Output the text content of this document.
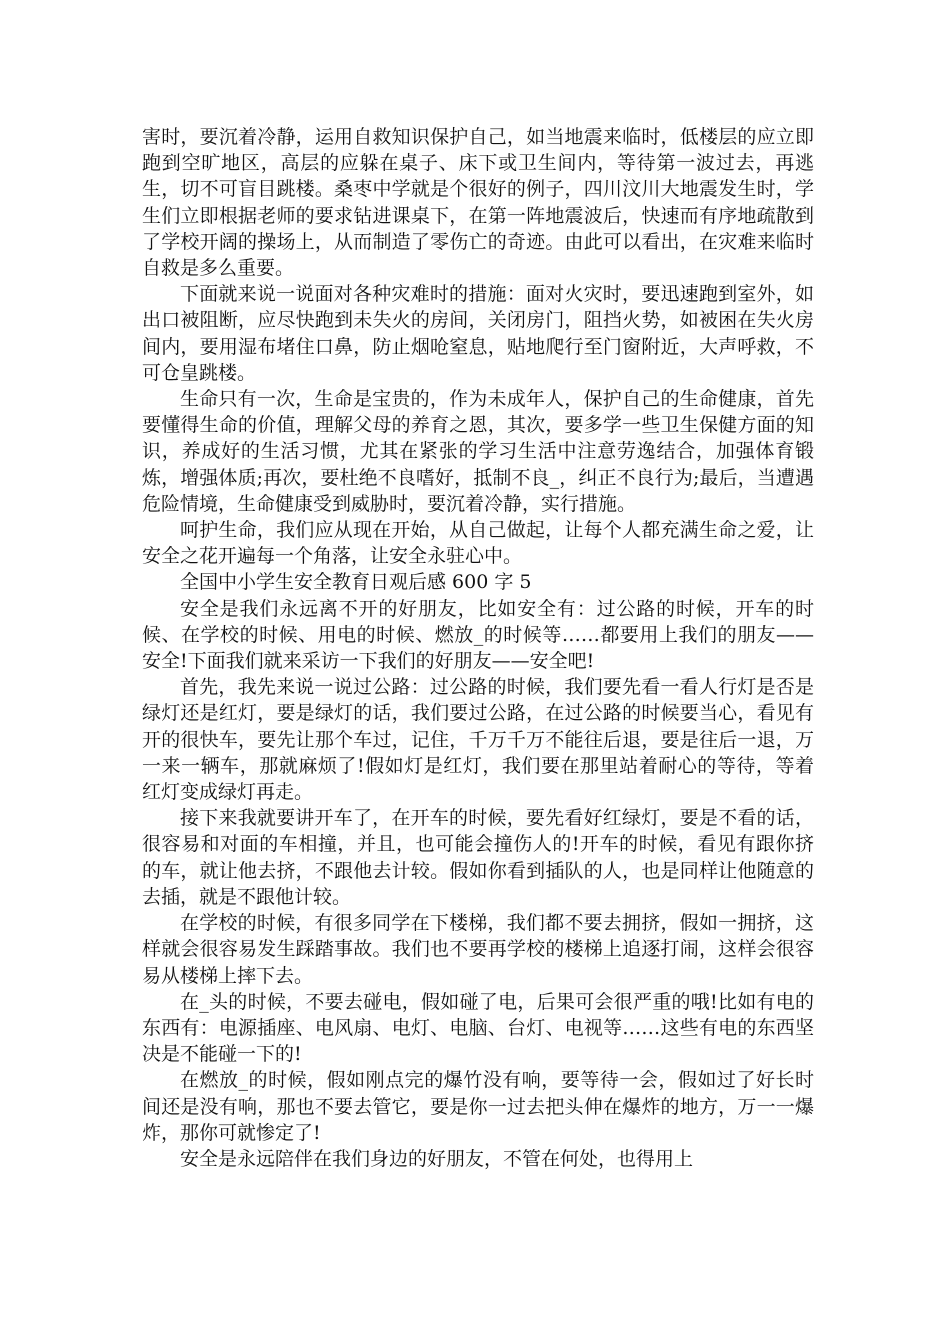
害时，要沉着冷静，运用自救知识保护自己，如当地震来临时，低楼层的应立即跑到空旷地区，高层的应躲在桌子、床下或卫生间内，等待第一波过去，再逃生，切不可盲目跳楼。桑枣中学就是个很好的例子，四川汶川大地震发生时，学生们立即根据老师的要求钻进课桌下，在第一阵地震波后，快速而有序地疏散到了学校开阔的操场上，从而制造了零伤亡的奇迹。由此可以看出，在灾难来临时自救是多么重要。

下面就来说一说面对各种灾难时的措施：面对火灾时，要迅速跑到室外，如出口被阻断，应尽快跑到未失火的房间，关闭房门，阻挡火势，如被困在失火房间内，要用湿布堵住口鼻，防止烟呛窒息，贴地爬行至门窗附近，大声呼救，不可仓皇跳楼。

生命只有一次，生命是宝贵的，作为未成年人，保护自己的生命健康，首先要懂得生命的价值，理解父母的养育之恩，其次，要多学一些卫生保健方面的知识，养成好的生活习惯，尤其在紧张的学习生活中注意劳逸结合，加强体育锻炼，增强体质;再次，要杜绝不良嗜好，抵制不良_，纠正不良行为;最后，当遭遇危险情境，生命健康受到威胁时，要沉着冷静，实行措施。

呵护生命，我们应从现在开始，从自己做起，让每个人都充满生命之爱，让安全之花开遍每一个角落，让安全永驻心中。

全国中小学生安全教育日观后感 600 字 5

安全是我们永远离不开的好朋友，比如安全有：过公路的时候，开车的时候、在学校的时候、用电的时候、燃放_的时候等……都要用上我们的朋友——安全!下面我们就来采访一下我们的好朋友——安全吧!

首先，我先来说一说过公路：过公路的时候，我们要先看一看人行灯是否是绿灯还是红灯，要是绿灯的话，我们要过公路，在过公路的时候要当心，看见有开的很快车，要先让那个车过，记住，千万千万不能往后退，要是往后一退，万一来一辆车，那就麻烦了!假如灯是红灯，我们要在那里站着耐心的等待，等着红灯变成绿灯再走。

接下来我就要讲开车了，在开车的时候，要先看好红绿灯，要是不看的话，很容易和对面的车相撞，并且，也可能会撞伤人的!开车的时候，看见有跟你挤的车，就让他去挤，不跟他去计较。假如你看到插队的人，也是同样让他随意的去插，就是不跟他计较。

在学校的时候，有很多同学在下楼梯，我们都不要去拥挤，假如一拥挤，这样就会很容易发生踩踏事故。我们也不要再学校的楼梯上追逐打闹，这样会很容易从楼梯上摔下去。

在_头的时候，不要去碰电，假如碰了电，后果可会很严重的哦!比如有电的东西有：电源插座、电风扇、电灯、电脑、台灯、电视等……这些有电的东西坚决是不能碰一下的!

在燃放_的时候，假如刚点完的爆竹没有响，要等待一会，假如过了好长时间还是没有响，那也不要去管它，要是你一过去把头伸在爆炸的地方，万一一爆炸，那你可就惨定了!

安全是永远陪伴在我们身边的好朋友，不管在何处，也得用上
